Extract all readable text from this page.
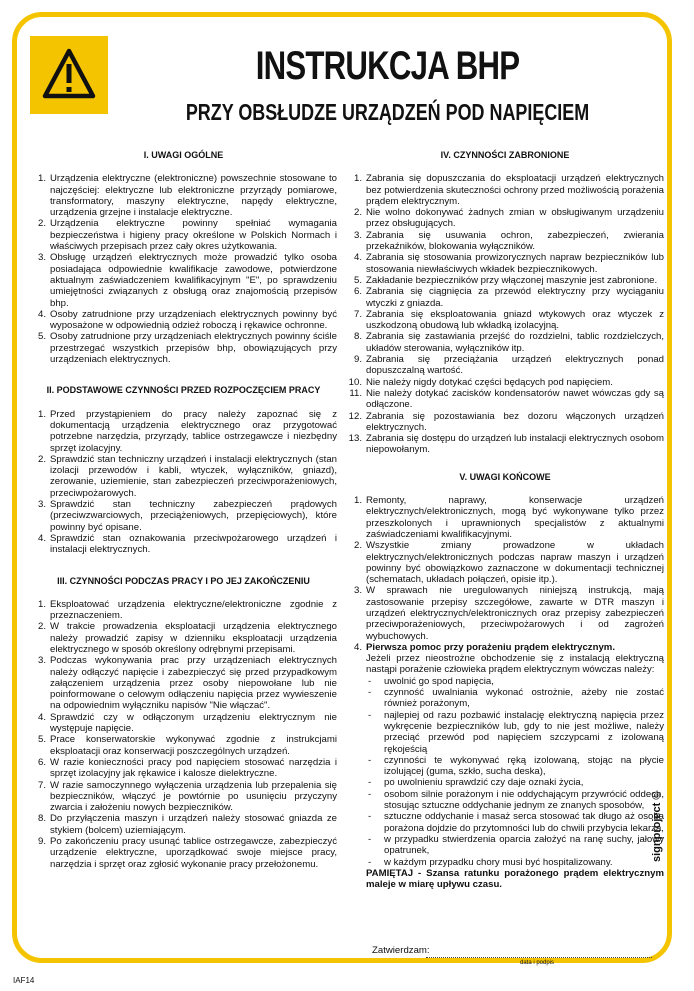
INSTRUKCJA BHP
PRZY OBSŁUDZE URZĄDZEŃ POD NAPIĘCIEM
I. UWAGI OGÓLNE
1. Urządzenia elektryczne (elektroniczne) powszechnie stosowane to najczęściej: elektryczne lub elektroniczne przyrządy pomiarowe, transformatory, maszyny elektryczne, napędy elektryczne, urządzenia grzejne i instalacje elektryczne.
2. Urządzenia elektryczne powinny spełniać wymagania bezpieczeństwa i higieny pracy określone w Polskich Normach i właściwych przepisach przez cały okres użytkowania.
3. Obsługę urządzeń elektrycznych może prowadzić tylko osoba posiadająca odpowiednie kwalifikacje zawodowe, potwierdzone aktualnym zaświadczeniem kwalifikacyjnym "E", po sprawdzeniu umiejętności związanych z obsługą oraz znajomością przepisów bhp.
4. Osoby zatrudnione przy urządzeniach elektrycznych powinny być wyposażone w odpowiednią odzież roboczą i rękawice ochronne.
5. Osoby zatrudnione przy urządzeniach elektrycznych powinny ściśle przestrzegać wszystkich przepisów bhp, obowiązujących przy urządzeniach elektrycznych.
II. PODSTAWOWE CZYNNOŚCI PRZED ROZPOCZĘCIEM PRACY
1. Przed przystąpieniem do pracy należy zapoznać się z dokumentacją urządzenia elektrycznego oraz przygotować potrzebne narzędzia, przyrządy, tablice ostrzegawcze i niezbędny sprzęt izolacyjny.
2. Sprawdzić stan techniczny urządzeń i instalacji elektrycznych (stan izolacji przewodów i kabli, wtyczek, wyłączników, gniazd), zerowanie, uziemienie, stan zabezpieczeń przeciwporażeniowych, przeciwpożarowych.
3. Sprawdzić stan techniczny zabezpieczeń prądowych (przeciwzwarciowych, przeciążeniowych, przepięciowych), które powinny być opisane.
4. Sprawdzić stan oznakowania przeciwpożarowego urządzeń i instalacji elektrycznych.
III. CZYNNOŚCI PODCZAS PRACY I PO JEJ ZAKOŃCZENIU
1. Eksploatować urządzenia elektryczne/elektroniczne zgodnie z przeznaczeniem.
2. W trakcie prowadzenia eksploatacji urządzenia elektrycznego należy prowadzić zapisy w dzienniku eksploatacji urządzenia elektrycznego w sposób określony odrębnymi przepisami.
3. Podczas wykonywania prac przy urządzeniach elektrycznych należy odłączyć napięcie i zabezpieczyć się przed przypadkowym załączeniem urządzenia przez osoby niepowołane lub nie poinformowane o celowym odłączeniu napięcia przez wywieszenie na odpowiednim wyłączniku napisów "Nie włączać".
4. Sprawdzić czy w odłączonym urządzeniu elektrycznym nie występuje napięcie.
5. Prace konserwatorskie wykonywać zgodnie z instrukcjami eksploatacji oraz konserwacji poszczególnych urządzeń.
6. W razie konieczności pracy pod napięciem stosować narzędzia i sprzęt izolacyjny jak rękawice i kalosze dielektryczne.
7. W razie samoczynnego wyłączenia urządzenia lub przepalenia się bezpieczników, włączyć je powtórnie po usunięciu przyczyny zwarcia i założeniu nowych bezpieczników.
8. Do przyłączenia maszyn i urządzeń należy stosować gniazda ze stykiem (bolcem) uziemiającym.
9. Po zakończeniu pracy usunąć tablice ostrzegawcze, zabezpieczyć urządzenie elektryczne, uporządkować swoje miejsce pracy, narzędzia i sprzęt oraz zgłosić wykonanie pracy przełożonemu.
IV. CZYNNOŚCI ZABRONIONE
1. Zabrania się dopuszczania do eksploatacji urządzeń elektrycznych bez potwierdzenia skuteczności ochrony przed możliwością porażenia prądem elektrycznym.
2. Nie wolno dokonywać żadnych zmian w obsługiwanym urządzeniu przez obsługujących.
3. Zabrania się usuwania ochron, zabezpieczeń, zwierania przekaźników, blokowania wyłączników.
4. Zabrania się stosowania prowizorycznych napraw bezpieczników lub stosowania niewłaściwych wkładek bezpiecznikowych.
5. Zakładanie bezpieczników przy włączonej maszynie jest zabronione.
6. Zabrania się ciągnięcia za przewód elektryczny przy wyciąganiu wtyczki z gniazda.
7. Zabrania się eksploatowania gniazd wtykowych oraz wtyczek z uszkodzoną obudową lub wkładką izolacyjną.
8. Zabrania się zastawiania przejść do rozdzielni, tablic rozdzielczych, układów sterowania, wyłączników itp.
9. Zabrania się przeciążania urządzeń elektrycznych ponad dopuszczalną wartość.
10. Nie należy nigdy dotykać części będących pod napięciem.
11. Nie należy dotykać zacisków kondensatorów nawet wówczas gdy są odłączone.
12. Zabrania się pozostawiania bez dozoru włączonych urządzeń elektrycznych.
13. Zabrania się dostępu do urządzeń lub instalacji elektrycznych osobom niepowołanym.
V. UWAGI KOŃCOWE
1. Remonty, naprawy, konserwacje urządzeń elektrycznych/elektronicznych, mogą być wykonywane tylko przez przeszkolonych i uprawnionych specjalistów z aktualnymi zaświadczeniami kwalifikacyjnymi.
2. Wszystkie zmiany prowadzone w układach elektrycznych/elektronicznych podczas napraw maszyn i urządzeń powinny być obowiązkowo zaznaczone w dokumentacji technicznej (schematach, układach połączeń, opisie itp.).
3. W sprawach nie uregulowanych niniejszą instrukcją, mają zastosowanie przepisy szczegółowe, zawarte w DTR maszyn i urządzeń elektrycznych/elektronicznych oraz przepisy zabezpieczeń przeciwporażeniowych, przeciwpożarowych i od zagrożeń wybuchowych.
4. Pierwsza pomoc przy porażeniu prądem elektrycznym.
Jeżeli przez nieostrożne obchodzenie się z instalacją elektryczną nastąpi porażenie człowieka prądem elektrycznym wówczas należy:
- uwolnić go spod napięcia,
- czynność uwalniania wykonać ostrożnie, ażeby nie zostać również porażonym,
- najlepiej od razu pozbawić instalację elektryczną napięcia przez wykręcenie bezpieczników lub, gdy to nie jest możliwe, należy przeciąć przewód pod napięciem szczypcami z izolowaną rękojeścią
- czynności te wykonywać ręką izolowaną, stojąc na płycie izolującej (guma, szkło, sucha deska),
- po uwolnieniu sprawdzić czy daje oznaki życia,
- osobom silnie porażonym i nie oddychającym przywrócić oddech, stosując sztuczne oddychanie jednym ze znanych sposobów,
- sztuczne oddychanie i masaż serca stosować tak długo aż osoba porażona dojdzie do przytomności lub do chwili przybycia lekarza,
- w przypadku stwierdzenia oparcia założyć na ranę suchy, jałowy opatrunek,
- w każdym przypadku chory musi być hospitalizowany.
PAMIĘTAJ - Szansa ratunku porażonego prądem elektrycznym maleje w miarę upływu czasu.
Zatwierdzam:
data i podpis
IAF14
signproject ©
